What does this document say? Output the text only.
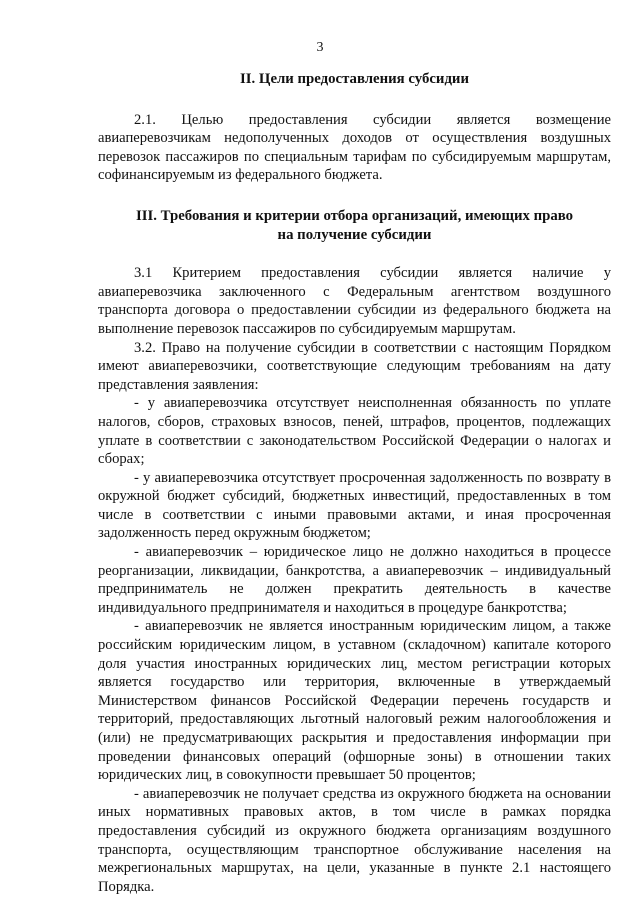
3
II. Цели предоставления субсидии

2.1. Целью предоставления субсидии является возмещение авиаперевозчикам недополученных доходов от осуществления воздушных перевозок пассажиров по специальным тарифам по субсидируемым маршрутам, софинансируемым из федерального бюджета.

III. Требования и критерии отбора организаций, имеющих право
на получение субсидии

3.1 Критерием предоставления субсидии является наличие у авиаперевозчика заключенного с Федеральным агентством воздушного транспорта договора о предоставлении субсидии из федерального бюджета на выполнение перевозок пассажиров по субсидируемым маршрутам.

3.2. Право на получение субсидии в соответствии с настоящим Порядком имеют авиаперевозчики, соответствующие следующим требованиям на дату представления заявления:

- у авиаперевозчика отсутствует неисполненная обязанность по уплате налогов, сборов, страховых взносов, пеней, штрафов, процентов, подлежащих уплате в соответствии с законодательством Российской Федерации о налогах и сборах;

- у авиаперевозчика отсутствует просроченная задолженность по возврату в окружной бюджет субсидий, бюджетных инвестиций, предоставленных в том числе в соответствии с иными правовыми актами, и иная просроченная задолженность перед окружным бюджетом;

- авиаперевозчик – юридическое лицо не должно находиться в процессе реорганизации, ликвидации, банкротства, а авиаперевозчик – индивидуальный предприниматель не должен прекратить деятельность в качестве индивидуального предпринимателя и находиться в процедуре банкротства;

- авиаперевозчик не является иностранным юридическим лицом, а также российским юридическим лицом, в уставном (складочном) капитале которого доля участия иностранных юридических лиц, местом регистрации которых является государство или территория, включенные в утверждаемый Министерством финансов Российской Федерации перечень государств и территорий, предоставляющих льготный налоговый режим налогообложения и (или) не предусматривающих раскрытия и предоставления информации при проведении финансовых операций (офшорные зоны) в отношении таких юридических лиц, в совокупности превышает 50 процентов;

- авиаперевозчик не получает средства из окружного бюджета на основании иных нормативных правовых актов, в том числе в рамках порядка предоставления субсидий из окружного бюджета организациям воздушного транспорта, осуществляющим транспортное обслуживание населения на межрегиональных маршрутах, на цели, указанные в пункте 2.1 настоящего Порядка.
